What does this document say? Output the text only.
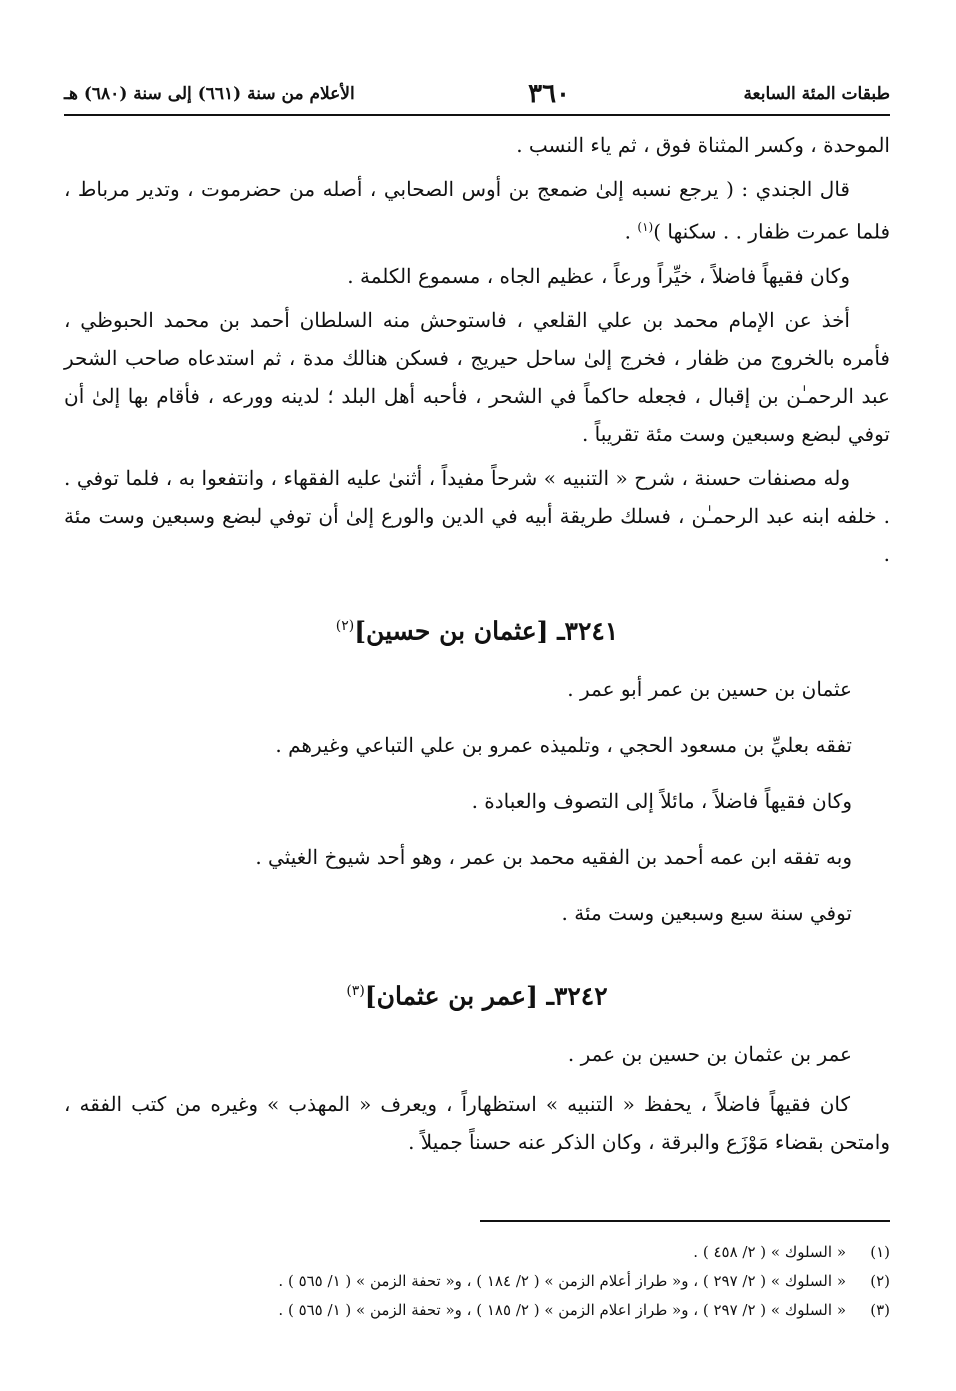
طبقات المئة السابعة
٣٦٠
الأعلام من سنة (٦٦١) إلى سنة (٦٨٠) هـ

الموحدة ، وكسر المثناة فوق ، ثم ياء النسب .

قال الجندي : ( يرجع نسبه إلىٰ ضمعج بن أوس الصحابي ، أصله من حضرموت ، وتدير مرباط ، فلما عمرت ظفار . . سكنها )$^{(١)}$ .

وكان فقيهاً فاضلاً ، خيِّراً ورعاً ، عظيم الجاه ، مسموع الكلمة .

أخذ عن الإمام محمد بن علي القلعي ، فاستوحش منه السلطان أحمد بن محمد الحبوظي ، فأمره بالخروج من ظفار ، فخرج إلىٰ ساحل حيريج ، فسكن هنالك مدة ، ثم استدعاه صاحب الشحر عبد الرحمـٰن بن إقبال ، فجعله حاكماً في الشحر ، فأحبه أهل البلد ؛ لدينه وورعه ، فأقام بها إلىٰ أن توفي لبضع وسبعين وست مئة تقريباً .

وله مصنفات حسنة ، شرح « التنبيه » شرحاً مفيداً ، أثنىٰ عليه الفقهاء ، وانتفعوا به ، فلما توفي . . خلفه ابنه عبد الرحمـٰن ، فسلك طريقة أبيه في الدين والورع إلىٰ أن توفي لبضع وسبعين وست مئة .

٣٢٤١ـ [عثمان بن حسين]$^{(٢)}$

عثمان بن حسين بن عمر أبو عمر .

تفقه بعليِّ بن مسعود الحجي ، وتلميذه عمرو بن علي التباعي وغيرهم .

وكان فقيهاً فاضلاً ، مائلاً إلى التصوف والعبادة .

وبه تفقه ابن عمه أحمد بن الفقيه محمد بن عمر ، وهو أحد شيوخ الغيثي .

توفي سنة سبع وسبعين وست مئة .

٣٢٤٢ـ [عمر بن عثمان]$^{(٣)}$

عمر بن عثمان بن حسين بن عمر .

كان فقيهاً فاضلاً ، يحفظ « التنبيه » استظهاراً ، ويعرف « المهذب » وغيره من كتب الفقه ، وامتحن بقضاء مَوْزَع والبرقة ، وكان الذكر عنه حسناً جميلاً .

(١)
« السلوك » ( ٢/ ٤٥٨ ) .
(٢)
« السلوك » ( ٢/ ٢٩٧ ) ، و« طراز أعلام الزمن » ( ٢/ ١٨٤ ) ، و« تحفة الزمن » ( ١/ ٥٦٥ ) .
(٣)
« السلوك » ( ٢/ ٢٩٧ ) ، و« طراز اعلام الزمن » ( ٢/ ١٨٥ ) ، و« تحفة الزمن » ( ١/ ٥٦٥ ) .
